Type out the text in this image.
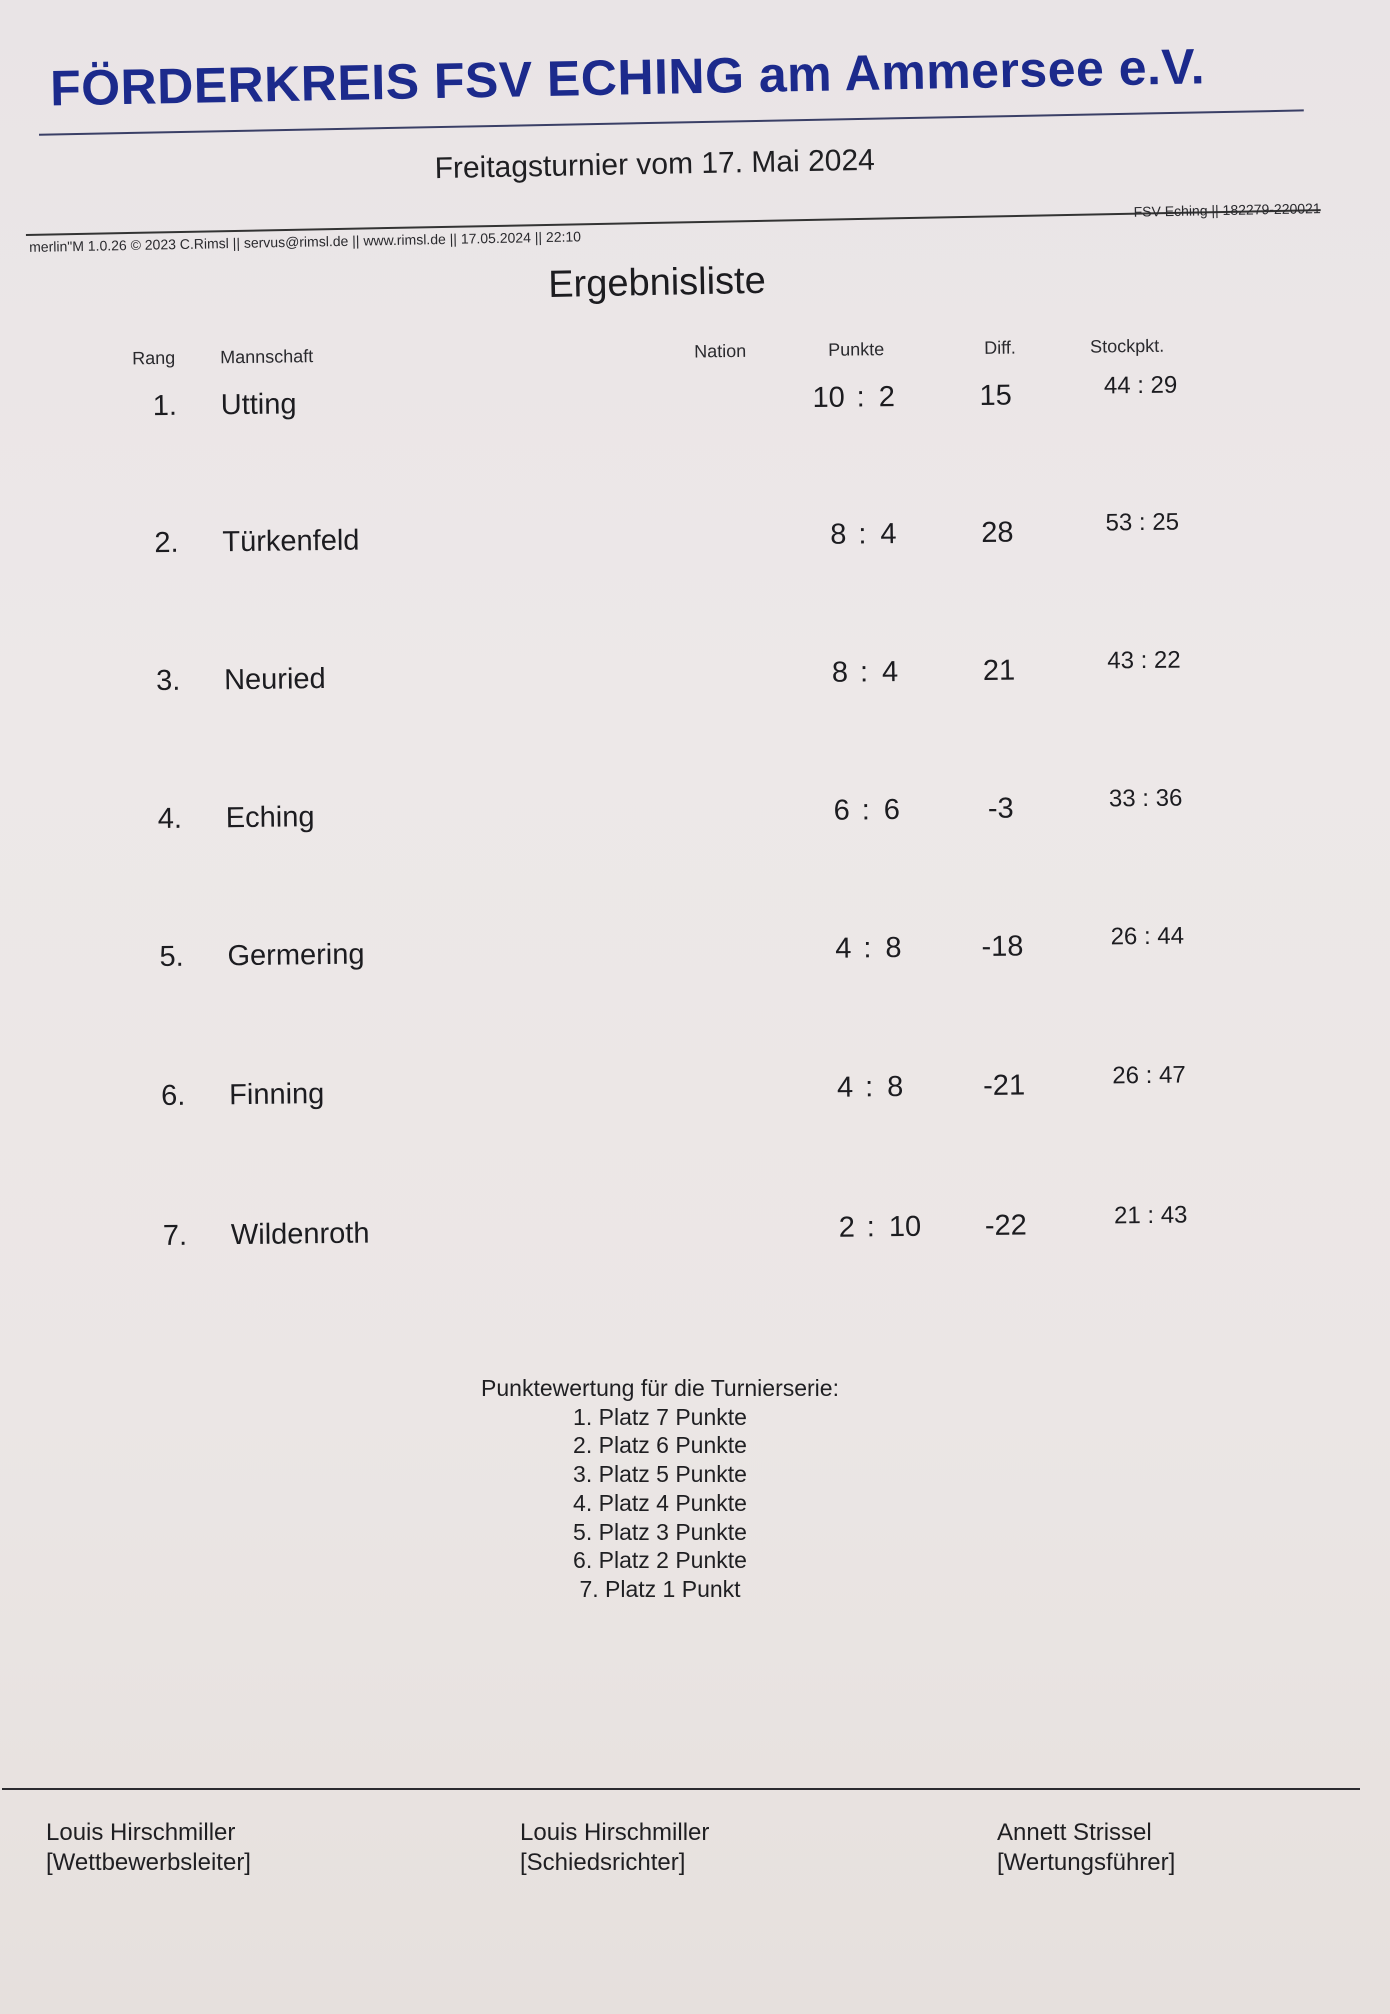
FÖRDERKREIS FSV ECHING am Ammersee e.V.
Freitagsturnier vom 17. Mai 2024
merlin"M 1.0.26 © 2023 C.Rimsl || servus@rimsl.de || www.rimsl.de || 17.05.2024 || 22:10
FSV Eching || 182279-220021
Ergebnisliste
Rang Mannschaft	Nation	Punkte	Diff.	Stockpkt.
1.	Utting	10 : 2	15	44 : 29
2.	Türkenfeld	8 : 4	28	53 : 25
3.	Neuried	8 : 4	21	43 : 22
4.	Eching	6 : 6	-3	33 : 36
5.	Germering	4 : 8	-18	26 : 44
6.	Finning	4 : 8	-21	26 : 47
7.	Wildenroth	2 : 10	-22	21 : 43
Punktewertung für die Turnierserie:
1. Platz 7 Punkte
2. Platz 6 Punkte
3. Platz 5 Punkte
4. Platz 4 Punkte
5. Platz 3 Punkte
6. Platz 2 Punkte
7. Platz 1 Punkt
Louis Hirschmiller
[Wettbewerbsleiter]
Louis Hirschmiller
[Schiedsrichter]
Annett Strissel
[Wertungsführer]
